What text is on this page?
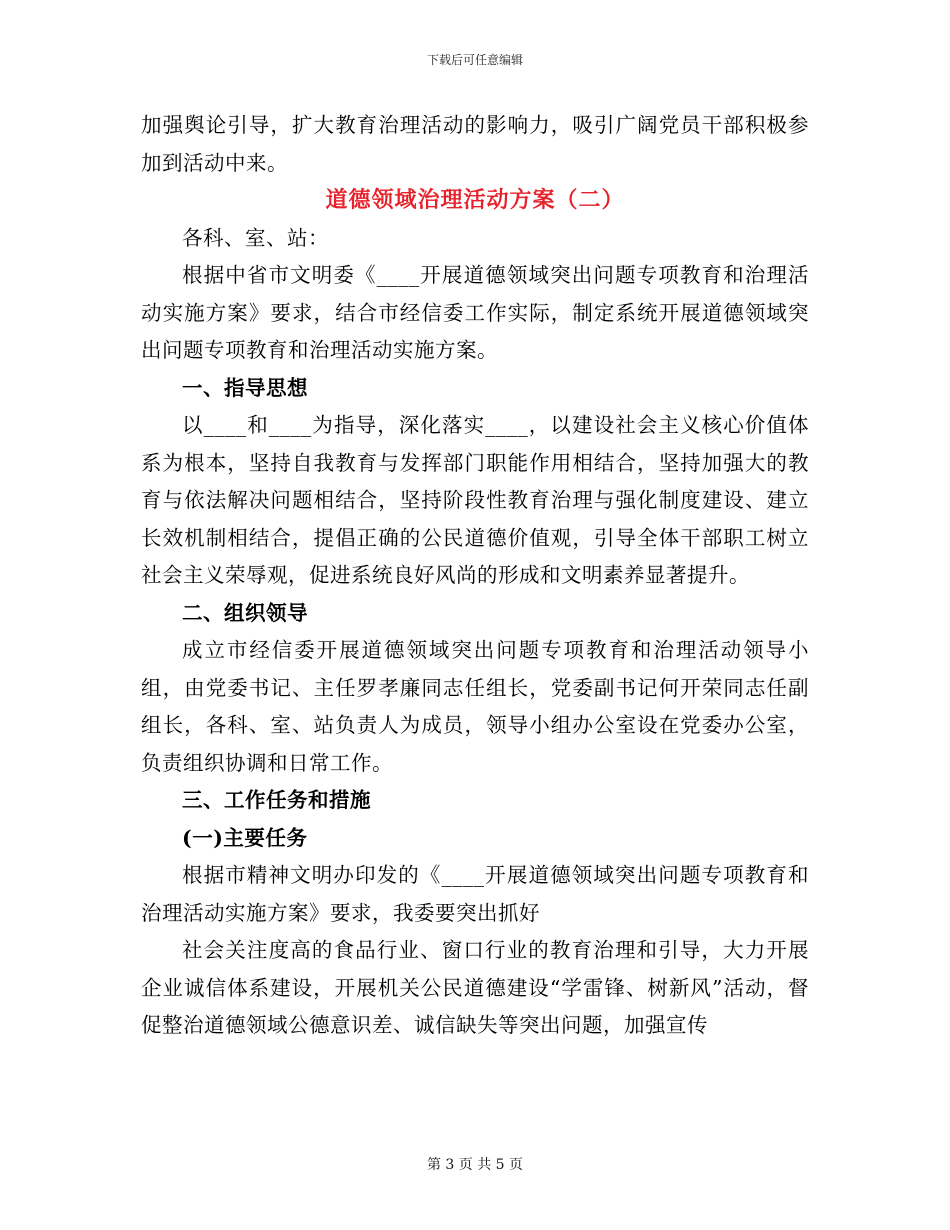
下载后可任意编辑

加强舆论引导，扩大教育治理活动的影响力，吸引广阔党员干部积极参加到活动中来。

道德领域治理活动方案（二）

各科、室、站：

根据中省市文明委《____开展道德领域突出问题专项教育和治理活动实施方案》要求，结合市经信委工作实际，制定系统开展道德领域突出问题专项教育和治理活动实施方案。

一、指导思想

以____和____为指导，深化落实____，以建设社会主义核心价值体系为根本，坚持自我教育与发挥部门职能作用相结合，坚持加强大的教育与依法解决问题相结合，坚持阶段性教育治理与强化制度建设、建立长效机制相结合，提倡正确的公民道德价值观，引导全体干部职工树立社会主义荣辱观，促进系统良好风尚的形成和文明素养显著提升。

二、组织领导

成立市经信委开展道德领域突出问题专项教育和治理活动领导小组，由党委书记、主任罗孝廉同志任组长，党委副书记何开荣同志任副组长，各科、室、站负责人为成员，领导小组办公室设在党委办公室，负责组织协调和日常工作。

三、工作任务和措施

(一)主要任务

根据市精神文明办印发的《____开展道德领域突出问题专项教育和治理活动实施方案》要求，我委要突出抓好

社会关注度高的食品行业、窗口行业的教育治理和引导，大力开展企业诚信体系建设，开展机关公民道德建设“学雷锋、树新风”活动，督促整治道德领域公德意识差、诚信缺失等突出问题，加强宣传

第 3 页 共 5 页
